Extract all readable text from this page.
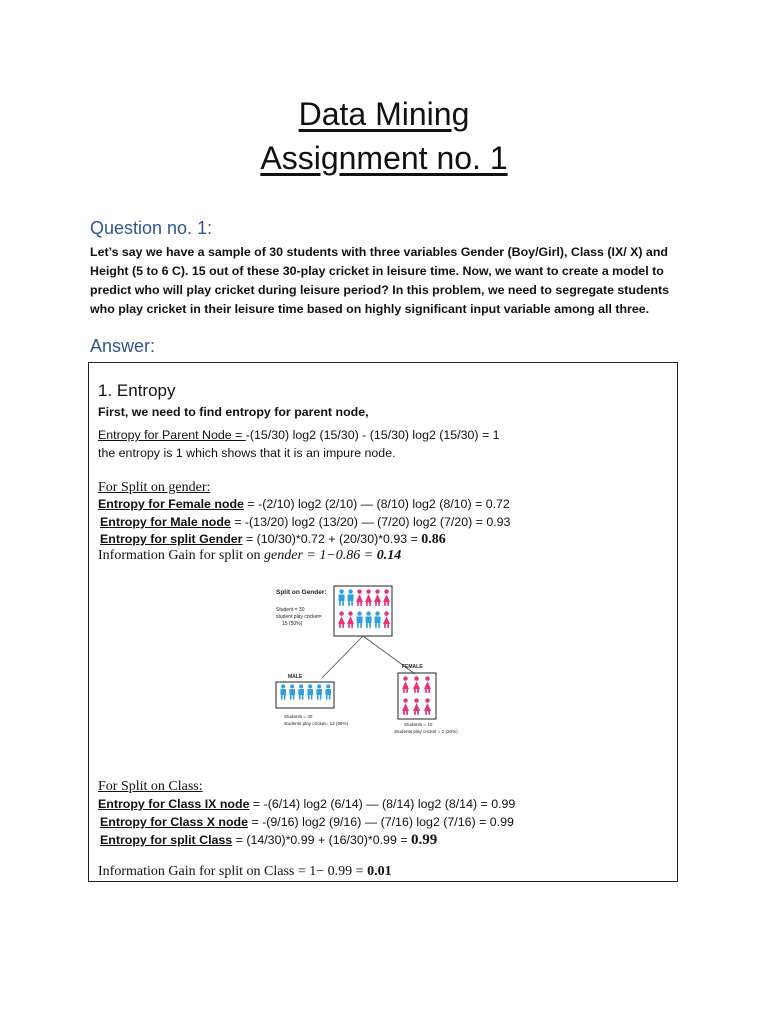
Data Mining
Assignment no. 1
Question no. 1:
Let’s say we have a sample of 30 students with three variables Gender (Boy/Girl), Class (IX/ X) and Height (5 to 6 C). 15 out of these 30-play cricket in leisure time. Now, we want to create a model to predict who will play cricket during leisure period? In this problem, we need to segregate students who play cricket in their leisure time based on highly significant input variable among all three.
Answer:
1. Entropy
First, we need to find entropy for parent node,
Entropy for Parent Node = -(15/30) log2 (15/30) - (15/30) log2 (15/30) = 1
the entropy is 1 which shows that it is an impure node.
For Split on gender:
Entropy for Female node = -(2/10) log2 (2/10) — (8/10) log2 (8/10) = 0.72
Entropy for Male node = -(13/20) log2 (13/20) — (7/20) log2 (7/20) = 0.93
Entropy for split Gender = (10/30)*0.72 + (20/30)*0.93 = 0.86
Information Gain for split on gender = 1−0.86 = 0.14
Split on Gender:
Student = 30
student play cricket=
15 (50%)
MALE
FEMALE
Students = 20
students play cricket= 13 (65%)	Students = 10
Students play cricket = 2 (20%)
For Split on Class:
Entropy for Class IX node = -(6/14) log2 (6/14) — (8/14) log2 (8/14) = 0.99
Entropy for Class X node = -(9/16) log2 (9/16) — (7/16) log2 (7/16) = 0.99
Entropy for split Class = (14/30)*0.99 + (16/30)*0.99 = 0.99
Information Gain for split on Class = 1− 0.99 = 0.01
